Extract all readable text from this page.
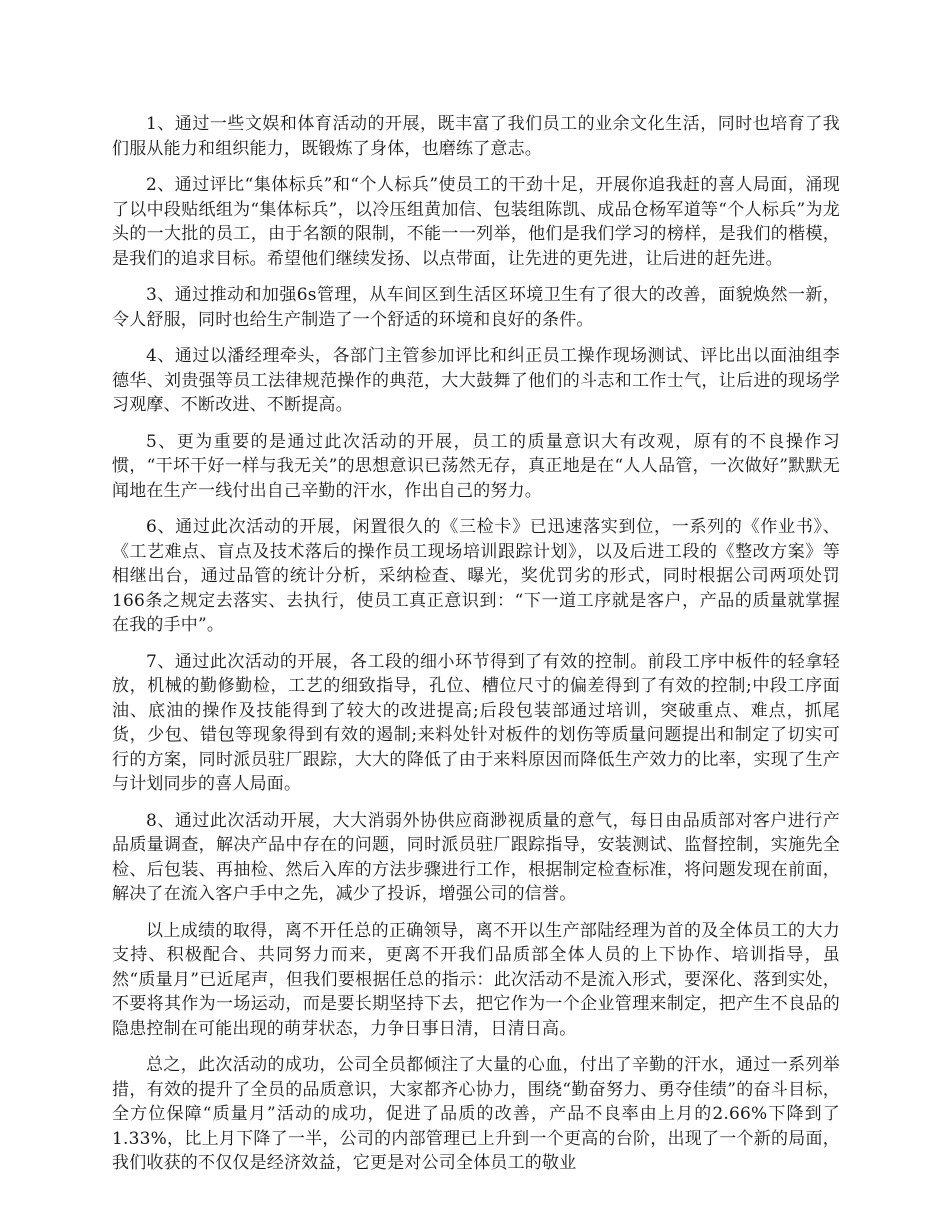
1、通过一些文娱和体育活动的开展，既丰富了我们员工的业余文化生活，同时也培育了我们服从能力和组织能力，既锻炼了身体，也磨练了意志。

2、通过评比“集体标兵”和“个人标兵”使员工的干劲十足，开展你追我赶的喜人局面，涌现了以中段贴纸组为“集体标兵”，以冷压组黄加信、包装组陈凯、成品仓杨军道等“个人标兵”为龙头的一大批的员工，由于名额的限制，不能一一列举，他们是我们学习的榜样，是我们的楷模，是我们的追求目标。希望他们继续发扬、以点带面，让先进的更先进，让后进的赶先进。

3、通过推动和加强6s管理，从车间区到生活区环境卫生有了很大的改善，面貌焕然一新，令人舒服，同时也给生产制造了一个舒适的环境和良好的条件。

4、通过以潘经理牵头，各部门主管参加评比和纠正员工操作现场测试、评比出以面油组李德华、刘贵强等员工法律规范操作的典范，大大鼓舞了他们的斗志和工作士气，让后进的现场学习观摩、不断改进、不断提高。

5、更为重要的是通过此次活动的开展，员工的质量意识大有改观，原有的不良操作习惯，“干坏干好一样与我无关”的思想意识已荡然无存，真正地是在“人人品管，一次做好”默默无闻地在生产一线付出自己辛勤的汗水，作出自己的努力。

6、通过此次活动的开展，闲置很久的《三检卡》已迅速落实到位，一系列的《作业书》、《工艺难点、盲点及技术落后的操作员工现场培训跟踪计划》，以及后进工段的《整改方案》等相继出台，通过品管的统计分析，采纳检查、曝光，奖优罚劣的形式，同时根据公司两项处罚166条之规定去落实、去执行，使员工真正意识到：“下一道工序就是客户，产品的质量就掌握在我的手中”。

7、通过此次活动的开展，各工段的细小环节得到了有效的控制。前段工序中板件的轻拿轻放，机械的勤修勤检，工艺的细致指导，孔位、槽位尺寸的偏差得到了有效的控制;中段工序面油、底油的操作及技能得到了较大的改进提高;后段包装部通过培训，突破重点、难点，抓尾货，少包、错包等现象得到有效的遏制;来料处针对板件的划伤等质量问题提出和制定了切实可行的方案，同时派员驻厂跟踪，大大的降低了由于来料原因而降低生产效力的比率，实现了生产与计划同步的喜人局面。

8、通过此次活动开展，大大消弱外协供应商渺视质量的意气，每日由品质部对客户进行产品质量调查，解决产品中存在的问题，同时派员驻厂跟踪指导，安装测试、监督控制，实施先全检、后包装、再抽检、然后入库的方法步骤进行工作，根据制定检查标准，将问题发现在前面，解决了在流入客户手中之先，减少了投诉，增强公司的信誉。

以上成绩的取得，离不开任总的正确领导，离不开以生产部陆经理为首的及全体员工的大力支持、积极配合、共同努力而来，更离不开我们品质部全体人员的上下协作、培训指导，虽然“质量月”已近尾声，但我们要根据任总的指示：此次活动不是流入形式，要深化、落到实处，不要将其作为一场运动，而是要长期坚持下去，把它作为一个企业管理来制定，把产生不良品的隐患控制在可能出现的萌芽状态，力争日事日清，日清日高。

总之，此次活动的成功，公司全员都倾注了大量的心血，付出了辛勤的汗水，通过一系列举措，有效的提升了全员的品质意识，大家都齐心协力，围绕“勤奋努力、勇夺佳绩”的奋斗目标，全方位保障“质量月”活动的成功，促进了品质的改善，产品不良率由上月的2.66%下降到了1.33%，比上月下降了一半，公司的内部管理已上升到一个更高的台阶，出现了一个新的局面，我们收获的不仅仅是经济效益，它更是对公司全体员工的敬业
